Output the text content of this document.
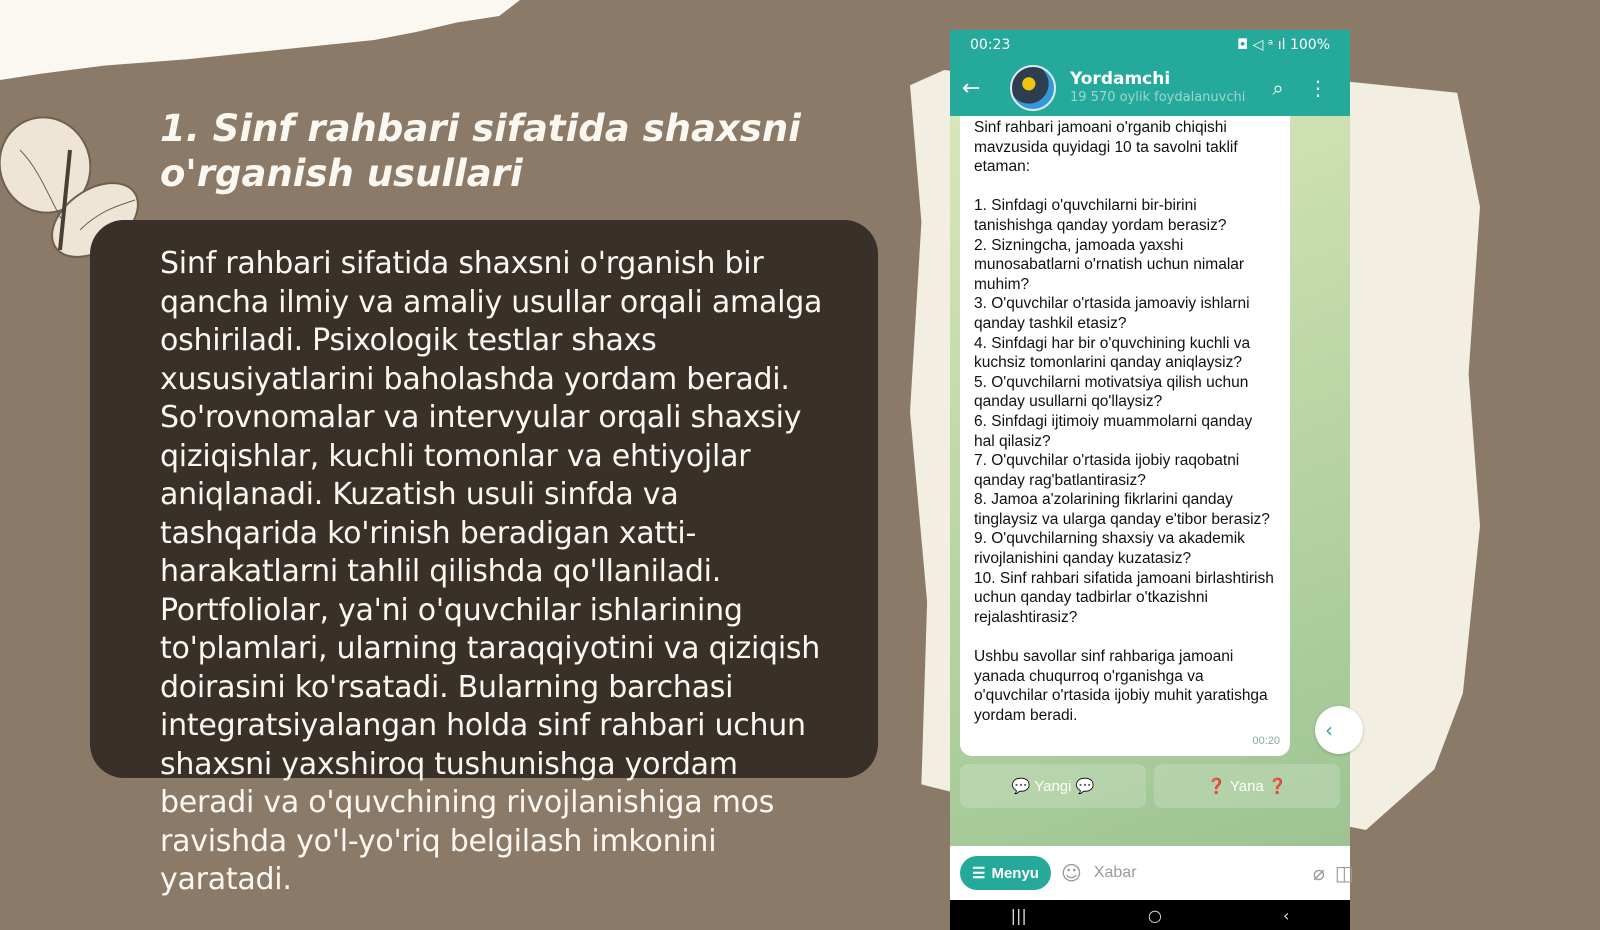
1. Sinf rahbari sifatida shaxsni o'rganish usullari

Sinf rahbari sifatida shaxsni o'rganish bir qancha ilmiy va amaliy usullar orqali amalga oshiriladi. Psixologik testlar shaxs xususiyatlarini baholashda yordam beradi. So'rovnomalar va intervyular orqali shaxsiy qiziqishlar, kuchli tomonlar va ehtiyojlar aniqlanadi. Kuzatish usuli sinfda va tashqarida ko'rinish beradigan xatti-harakatlarni tahlil qilishda qo'llaniladi. Portfoliolar, ya'ni o'quvchilar ishlarining to'plamlari, ularning taraqqiyotini va qiziqish doirasini ko'rsatadi. Bularning barchasi integratsiyalangan holda sinf rahbari uchun shaxsni yaxshiroq tushunishga yordam beradi va o'quvchining rivojlanishiga mos ravishda yo'l-yo'riq belgilash imkonini yaratadi.

00:23	◘ ◁ ᵃ ıl 100%
←	Yordamchi
19 570 oylik foydalanuvchi	⌕	⋮

Sinf rahbari jamoani o'rganib chiqishi mavzusida quyidagi 10 ta savolni taklif etaman:

1. Sinfdagi o'quvchilarni bir-birini tanishishga qanday yordam berasiz?

2. Sizningcha, jamoada yaxshi munosabatlarni o'rnatish uchun nimalar muhim?

3. O'quvchilar o'rtasida jamoaviy ishlarni qanday tashkil etasiz?

4. Sinfdagi har bir o'quvchining kuchli va kuchsiz tomonlarini qanday aniqlaysiz?

5. O'quvchilarni motivatsiya qilish uchun qanday usullarni qo'llaysiz?

6. Sinfdagi ijtimoiy muammolarni qanday hal qilasiz?

7. O'quvchilar o'rtasida ijobiy raqobatni qanday rag'batlantirasiz?

8. Jamoa a'zolarining fikrlarini qanday tinglaysiz va ularga qanday e'tibor berasiz?

9. O'quvchilarning shaxsiy va akademik rivojlanishini qanday kuzatasiz?

10. Sinf rahbari sifatida jamoani birlashtirish uchun qanday tadbirlar o'tkazishni rejalashtirasiz?

Ushbu savollar sinf rahbariga jamoani yanada chuqurroq o'rganishga va o'quvchilar o'rtasida ijobiy muhit yaratishga yordam beradi.

00:20	‹
💬 Yangi 💬	❓ Yana ❓
☰ Menyu ☺
Xabar	⌀ ◫
|||	○	‹
